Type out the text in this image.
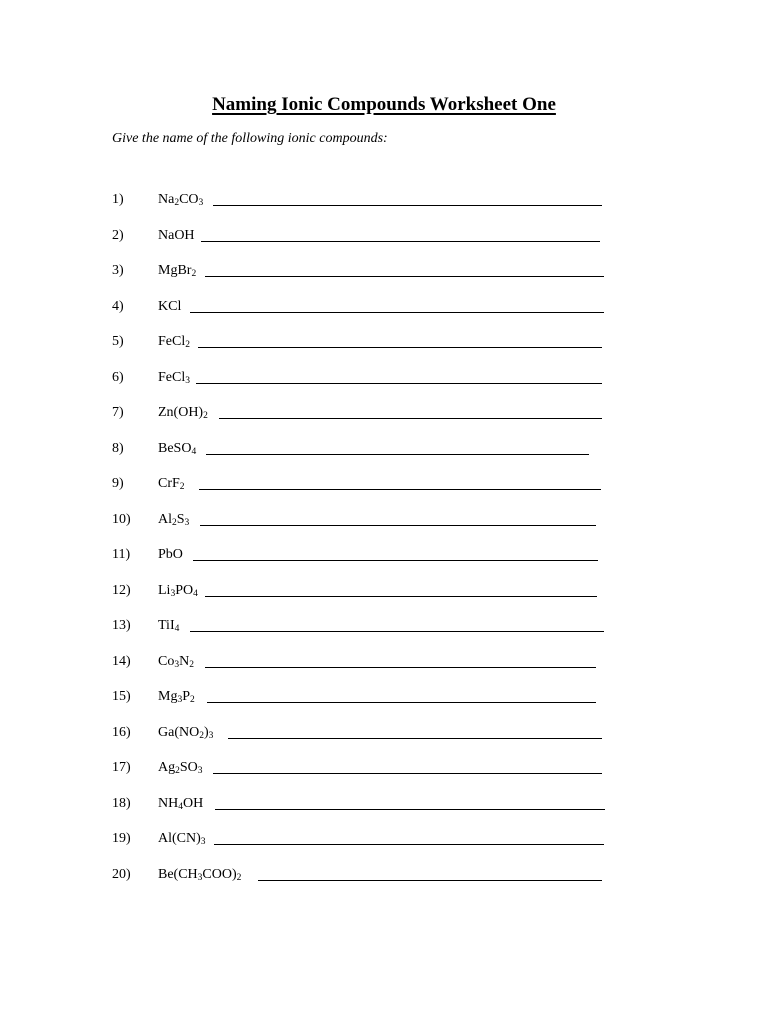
Naming Ionic Compounds Worksheet One
Give the name of the following ionic compounds:
1)	$Na_2CO_3$
2)	NaOH
3)	MgBr$_2$
4)	KCl
5)	FeCl$_2$
6)	FeCl$_3$
7)	$Zn(OH)_2$
8)	BeSO$_4$
9)	CrF$_2$
10)	$Al_2S_3$
11)	PbO
12)	$Li_3PO_4$
13)	TiI$_4$
14)	$Co_3N_2$
15)	$Mg_3P_2$
16)	$Ga(NO_2)_3$
17)	$Ag_2SO_3$
18)	$NH_4OH$
19)	$Al(CN)_3$
20)	$Be(CH_3COO)_2$
